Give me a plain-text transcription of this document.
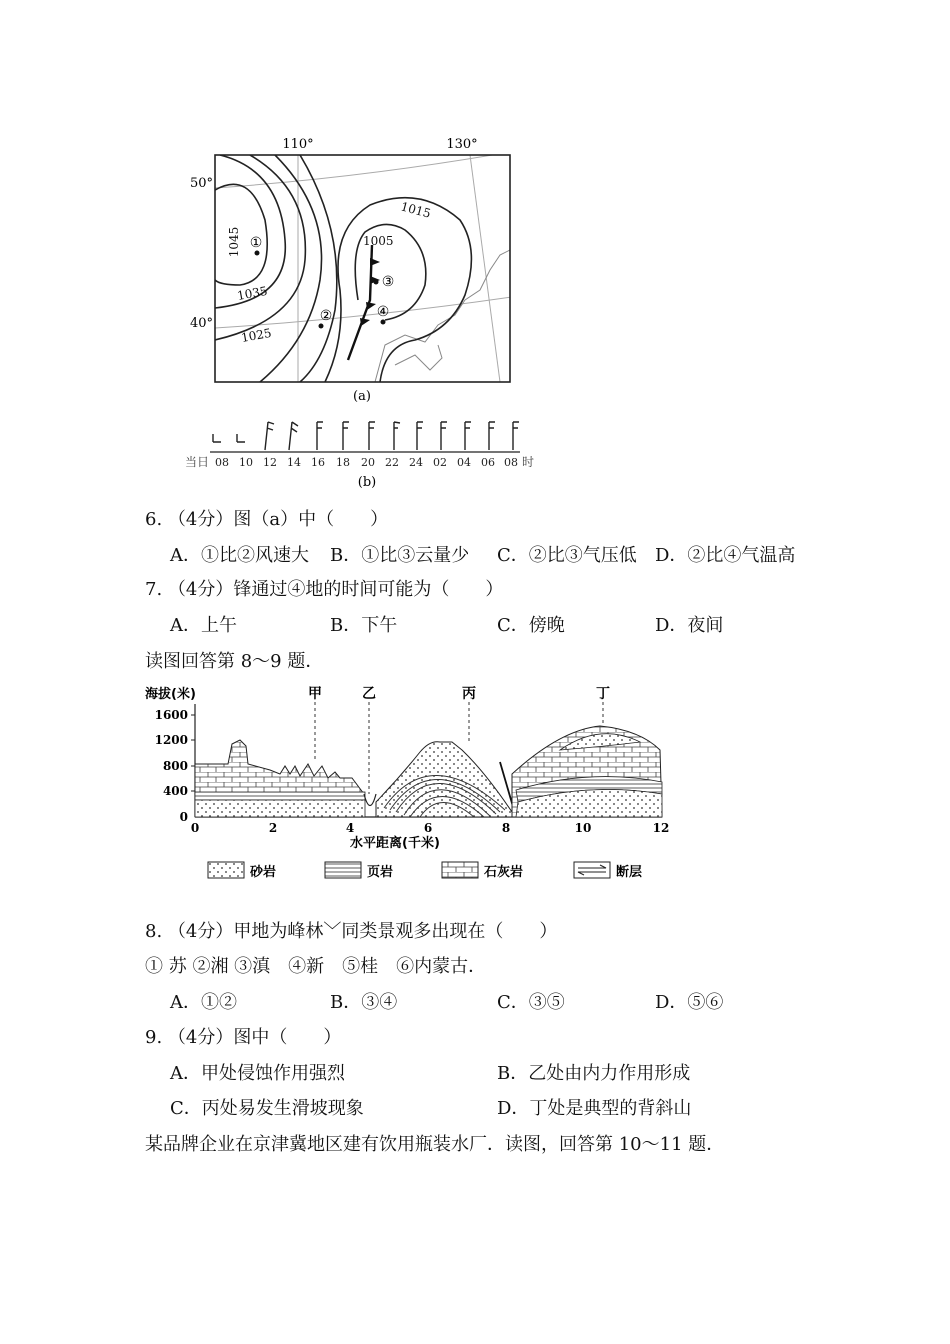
110°	130°
50°
40°
1045
1035
1025
1015
1005
①
②
③
④
(a)
当日 08 10 12 14 16 18 20 22 24 02 04 06 08 时
(b)
6. （4分）图（a）中（　　）
A．①比②风速大 B．①比③云量少 C．②比③气压低 D．②比④气温高
7. （4分）锋通过④地的时间可能为（　　）
A．上午	B．下午	C．傍晚	D．夜间
读图回答第 8～9 题．
海拔(米)
1600
1200
800
400
0
0	2	4	6	8	10	12
水平距离(千米)
甲	乙	丙	丁
砂岩	页岩	石灰岩	断层
8. （4分）甲地为峰林﹀同类景观多出现在（　　）
① 苏 ②湘 ③滇　④新　⑤桂　⑥内蒙古．
A．①②	B．③④	C．③⑤	D．⑤⑥
9. （4分）图中（　　）
A．甲处侵蚀作用强烈	B．乙处由内力作用形成
C．丙处易发生滑坡现象	D．丁处是典型的背斜山
某品牌企业在京津冀地区建有饮用瓶装水厂．读图，回答第 10～11 题．
